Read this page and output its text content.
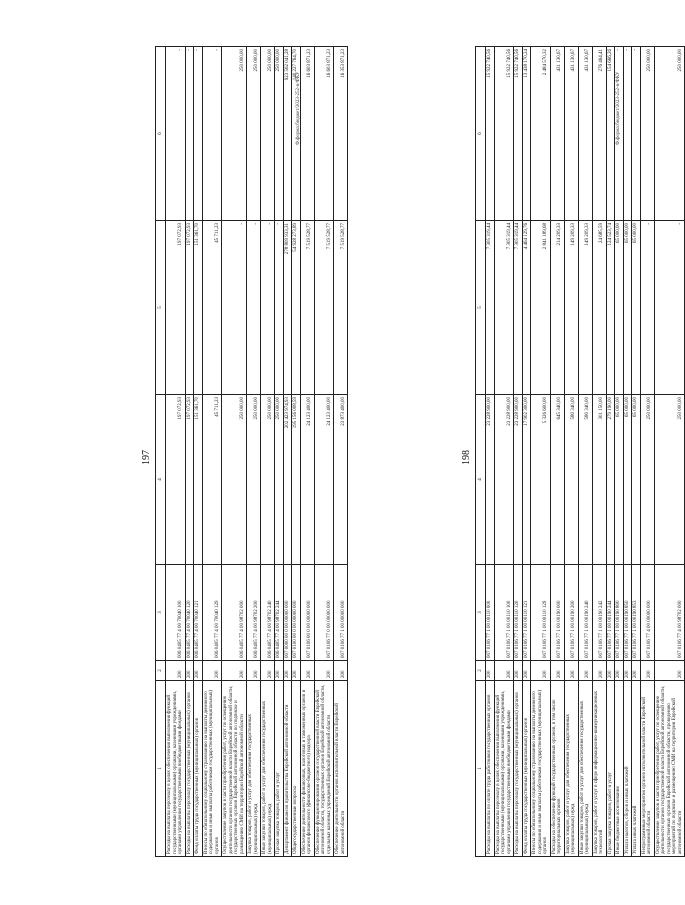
197
1	2	3	4	5	6
Расходы на выплаты персоналу в целях обеспечения выполнения функций государственными (муниципальными) органами, казенными учреждениями, органами управления государственными внебюджетными фондами	200	006 0405 77 4 00 70040 100	197 072,93	197 072,93	-
Расходы на выплаты персоналу государственных (муниципальных) органов	200	006 0405 77 4 00 70040 120	197 072,93	197 072,93	-
Фонд оплаты труда государственных (муниципальных) органов	200	006 0405 77 4 00 70040 121	151 361,70	151 361,70	-
Взносы по обязательному социальному страхованию на выплаты денежного содержания и иные выплаты работникам государственных (муниципальных) органов	200	006 0405 77 4 00 70040 129	45 711,23	45 711,23	-
Осуществление закупок в части приобретения работ, услуг по освещению деятельности органов государственной власти Еврейской автономной области, государственных органов Еврейской автономной области по подписке и размещению СМИ на территории Еврейской автономной области	200	006 0405 77 4 00 98702 000	250 000,00	-	250 000,00
Закупка товаров, работ и услуг для обеспечения государственных (муниципальных) нужд	200	006 0405 77 4 00 98702 200	250 000,00	-	250 000,00
Иные закупки товаров, работ и услуг для обеспечения государственных (муниципальных) нужд	200	006 0405 77 4 00 98702 240	250 000,00	-	250 000,00
Прочая закупка товаров, работ и услуг	200	006 0405 77 4 00 98702 244	250 000,00	-	250 000,00
Департамент финансов правительства Еврейской автономной области	200	007 0000 00 0 00 00000 000	202 423 974,93	278 809 933,31	923 562 041,28
Общегосударственные вопросы	200	007 0100 00 0 00 00000 000	195 156 008,59	54 928 273,89	140 227 764,70
Обеспечение деятельности финансовых, налоговых и таможенных органов и органов финансового (финансово-бюджетного) надзора	200	007 0106 00 0 00 00000 000	24 123 400,00	7 519 528,77	16 603 871,23
Обеспечение функционирования органов государственной власти Еврейской автономной области, государственных органов Еврейской автономной области, отдельных казенных учреждений Еврейской автономной области	200	007 0106 77 0 00 00000 000	24 123 400,00	7 519 528,77	16 603 871,23
Обеспечение деятельности органов исполнительной власти Еврейской автономной области	200	007 0106 77 1 00 00000 000	23 873 400,00	7 519 528,77	16 353 871,23
Ф.форма:бюджет/2023-252-н/ФКУ
198
1	2	3	4	5	6
Расходы на выплаты по оплате труда работников государственных органов	200	007 0106 77 1 00 00110 000	23 228 900,00	7 305 319,44	15 922 740,56
Расходы на выплаты персоналу в целях обеспечения выполнения функций государственными (муниципальными) органами, казенными учреждениями, органами управления государственными внебюджетными фондами	200	007 0106 77 1 00 00110 100	23 228 900,00	7 305 319,44	15 922 740,56
Расходы на выплаты персоналу государственных (муниципальных) органов	200	007 0106 77 1 00 00110 120	23 228 900,00	7 305 319,44	15 922 740,56
Фонд оплаты труда государственных (муниципальных) органов	200	007 0106 77 1 00 00110 121	17 902 300,00	4 464 129,76	13 438 170,24
Взносы по обязательному социальному страхованию на выплаты денежного содержания и иные выплаты работникам государственных (муниципальных) органов	200	007 0106 77 1 00 00110 129	5 326 600,00	2 841 189,68	2 484 570,32
Расходы на обеспечение функций государственных органов, в том числе территориальных органов	200	007 0106 77 1 00 00190 000	645 340,00	214 209,33	431 130,67
Закупка товаров, работ и услуг для обеспечения государственных (муниципальных) нужд	200	007 0106 77 1 00 00190 200	580 340,00	149 209,33	431 130,67
Иные закупки товаров, работ и услуг для обеспечения государственных (муниципальных) нужд	200	007 0106 77 1 00 00190 240	580 340,00	149 209,33	431 130,67
Закупка товаров, работ и услуг в сфере информационно-коммуникационных технологий	200	007 0106 77 1 00 00190 242	301 150,00	24 685,59	276 464,41
Прочая закупка товаров, работ и услуг	200	007 0106 77 1 00 00190 244	279 190,00	124 523,74	154 666,26
Иные бюджетные ассигнования	200	007 0106 77 1 00 00190 800	65 000,00	65 000,00	-
Уплата налогов, сборов и иных платежей	200	007 0106 77 1 00 00190 850	65 000,00	65 000,00	-
Уплата иных платежей	200	007 0106 77 1 00 00190 853	65 000,00	65 000,00	-
Непрограммные мероприятия органов исполнительной власти Еврейской автономной области	200	007 0106 77 4 00 00000 000	250 000,00	-	250 000,00
Осуществление закупок в части приобретения работ, услуг по освещению деятельности органов государственной власти Еврейской автономной области, государственных органов Еврейской автономной области, проведению мероприятий по подписке и размещению СМИ на территории Еврейской автономной области	200	007 0106 77 4 00 98702 000	250 000,00	-	250 000,00
Ф.форма:бюджет/2023-252-н/ФКУ
